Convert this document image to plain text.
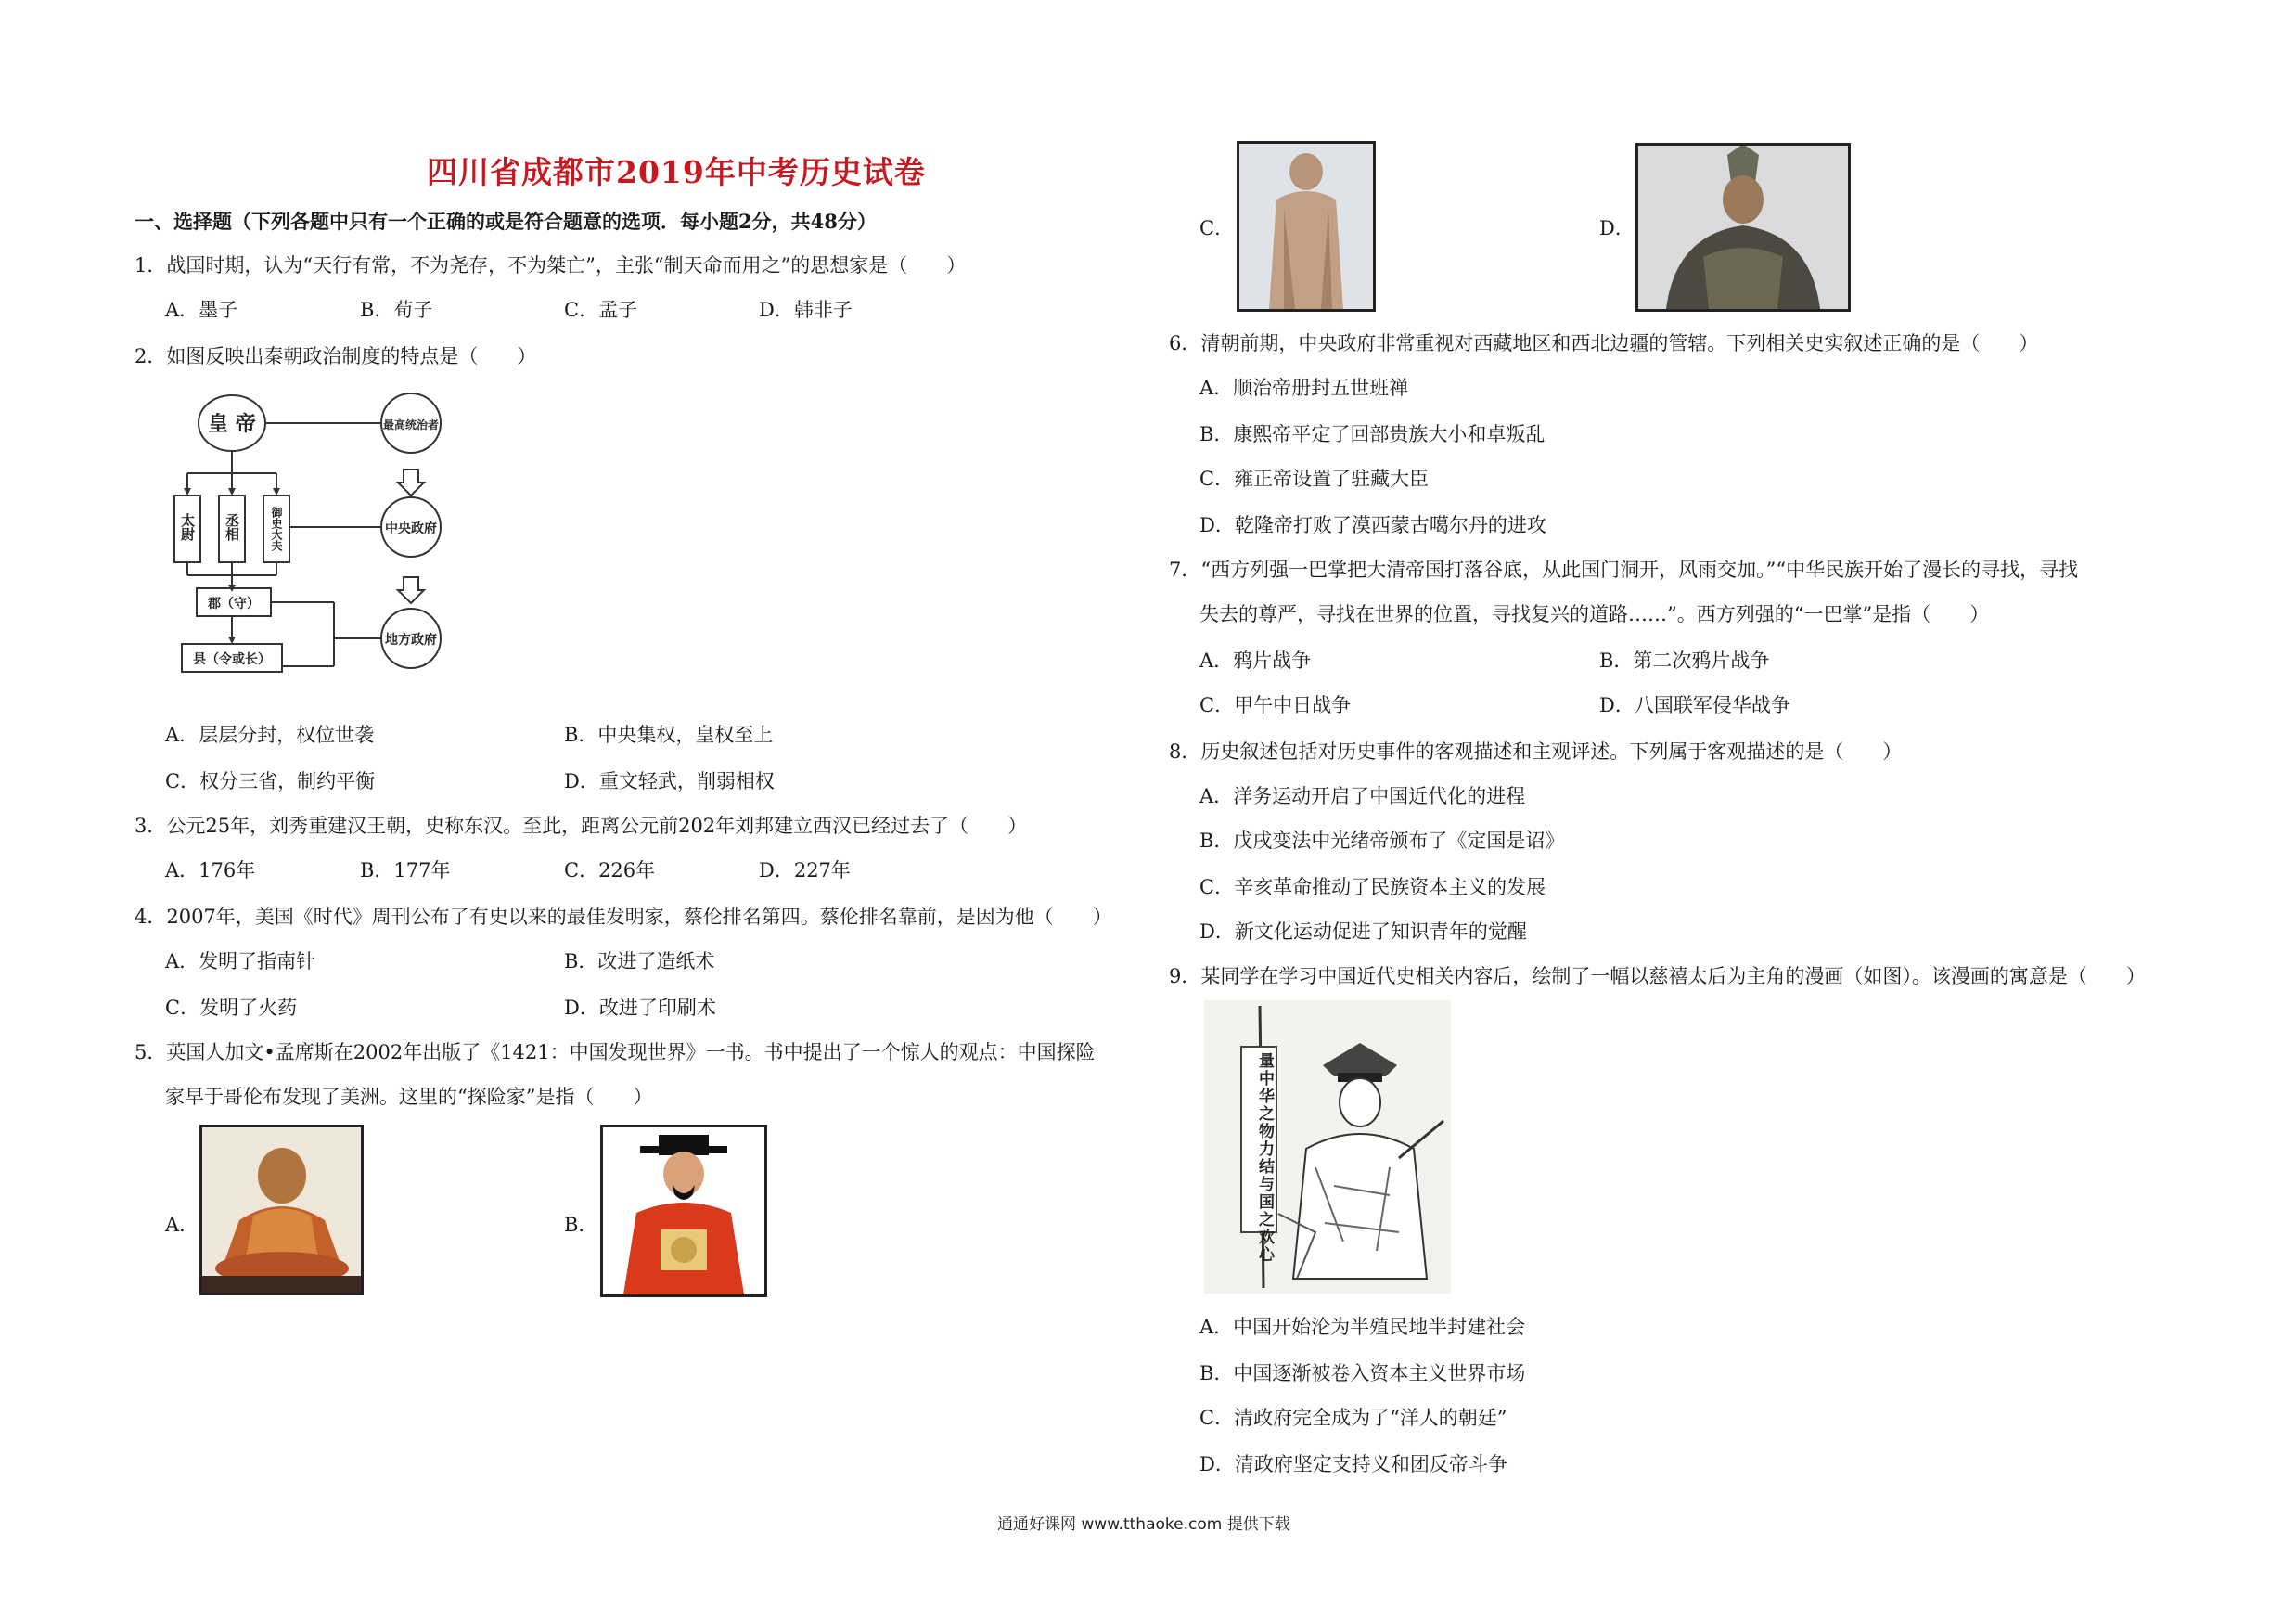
四川省成都市2019年中考历史试卷
一、选择题（下列各题中只有一个正确的或是符合题意的选项．每小题2分，共48分）
1．战国时期，认为“天行有常，不为尧存，不为桀亡”，主张“制天命而用之”的思想家是（　　）
A．墨子	B．荀子	C．孟子	D．韩非子
2．如图反映出秦朝政治制度的特点是（　　）
皇 帝	最高统治者
中央政府
地方政府
太尉 丞相	御史大夫
郡（守）
县（令或长）
A．层层分封，权位世袭	B．中央集权，皇权至上
C．权分三省，制约平衡	D．重文轻武，削弱相权
3．公元25年，刘秀重建汉王朝，史称东汉。至此，距离公元前202年刘邦建立西汉已经过去了（　　）
A．176年	B．177年	C．226年	D．227年
4．2007年，美国《时代》周刊公布了有史以来的最佳发明家，蔡伦排名第四。蔡伦排名靠前，是因为他（　　）
A．发明了指南针	B．改进了造纸术
C．发明了火药	D．改进了印刷术
5．英国人加文•孟席斯在2002年出版了《1421：中国发现世界》一书。书中提出了一个惊人的观点：中国探险
家早于哥伦布发现了美洲。这里的“探险家”是指（　　）
A．	B．
C．	D．
6．清朝前期，中央政府非常重视对西藏地区和西北边疆的管辖。下列相关史实叙述正确的是（　　）
A．顺治帝册封五世班禅
B．康熙帝平定了回部贵族大小和卓叛乱
C．雍正帝设置了驻藏大臣
D．乾隆帝打败了漠西蒙古噶尔丹的进攻
7．“西方列强一巴掌把大清帝国打落谷底，从此国门洞开，风雨交加。”“中华民族开始了漫长的寻找，寻找
失去的尊严，寻找在世界的位置，寻找复兴的道路……”。西方列强的“一巴掌”是指（　　）
A．鸦片战争	B．第二次鸦片战争
C．甲午中日战争	D．八国联军侵华战争
8．历史叙述包括对历史事件的客观描述和主观评述。下列属于客观描述的是（　　）
A．洋务运动开启了中国近代化的进程
B．戊戌变法中光绪帝颁布了《定国是诏》
C．辛亥革命推动了民族资本主义的发展
D．新文化运动促进了知识青年的觉醒
9．某同学在学习中国近代史相关内容后，绘制了一幅以慈禧太后为主角的漫画（如图）。该漫画的寓意是（　　）
量中华之物力结与国之欢心
A．中国开始沦为半殖民地半封建社会
B．中国逐渐被卷入资本主义世界市场
C．清政府完全成为了“洋人的朝廷”
D．清政府坚定支持义和团反帝斗争
通通好课网 www.tthaoke.com 提供下载
